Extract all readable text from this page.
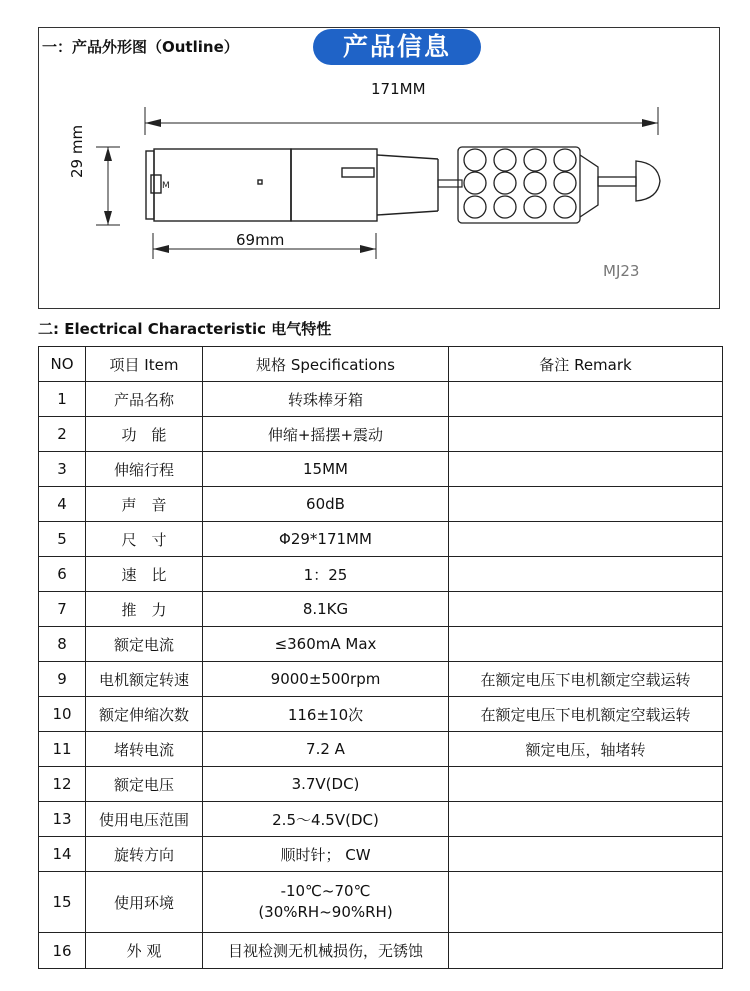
一：产品外形图（Outline）	产品信息
M
171MM
69mm
29 mm
MJ23
二: Electrical Characteristic 电气特性
NO	项目 Item	规格 Specifications	备注 Remark
1	产品名称	转珠棒牙箱	
2	功　能	伸缩+摇摆+震动	
3	伸缩行程	15MM	
4	声　音	60dB	
5	尺　寸	Φ29*171MM	
6	速　比	1：25	
7	推　力	8.1KG	
8	额定电流	≤360mA Max	
9	电机额定转速	9000±500rpm	在额定电压下电机额定空载运转
10	额定伸缩次数	116±10次	在额定电压下电机额定空载运转
11	堵转电流	7.2 A	额定电压，轴堵转
12	额定电压	3.7V(DC)	
13	使用电压范围	2.5～4.5V(DC)	
14	旋转方向	顺时针； CW	
15	使用环境	-10℃~70℃
(30%RH~90%RH)	
16	外 观	目视检测无机械损伤，无锈蚀	
